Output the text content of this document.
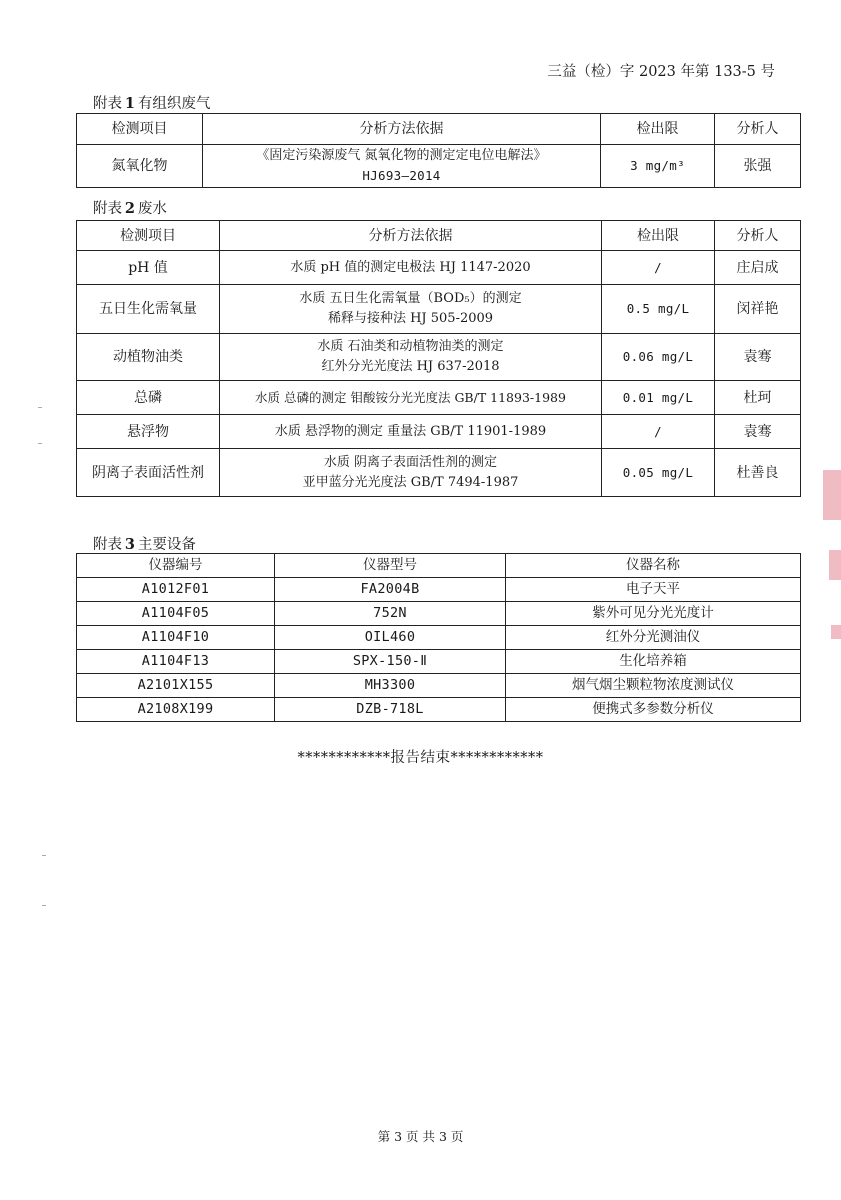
三益（检）字 2023 年第 133-5 号
附表  1  有组织废气
检测项目	分析方法依据	检出限	分析人
氮氧化物	《固定污染源废气 氮氧化物的测定定电位电解法》
HJ693—2014	3 mg/m³	张强
附表  2  废水
检测项目	分析方法依据	检出限	分析人
pH 值	水质 pH 值的测定电极法 HJ 1147-2020	/	庄启成
五日生化需氧量	水质 五日生化需氧量（BOD₅）的测定
稀释与接种法 HJ 505-2009	0.5 mg/L	闵祥艳
动植物油类	水质 石油类和动植物油类的测定
红外分光光度法 HJ 637-2018	0.06 mg/L	袁骞
总磷	水质 总磷的测定 钼酸铵分光光度法 GB/T 11893-1989	0.01 mg/L	杜珂
悬浮物	水质 悬浮物的测定 重量法 GB/T 11901-1989	/	袁骞
阴离子表面活性剂	水质 阴离子表面活性剂的测定
亚甲蓝分光光度法 GB/T 7494-1987	0.05 mg/L	杜善良
附表  3  主要设备
仪器编号	仪器型号	仪器名称
A1012F01	FA2004B	电子天平
A1104F05	752N	紫外可见分光光度计
A1104F10	OIL460	红外分光测油仪
A1104F13	SPX-150-Ⅱ	生化培养箱
A2101X155	MH3300	烟气烟尘颗粒物浓度测试仪
A2108X199	DZB-718L	便携式多参数分析仪
************报告结束************
第 3 页 共 3 页
